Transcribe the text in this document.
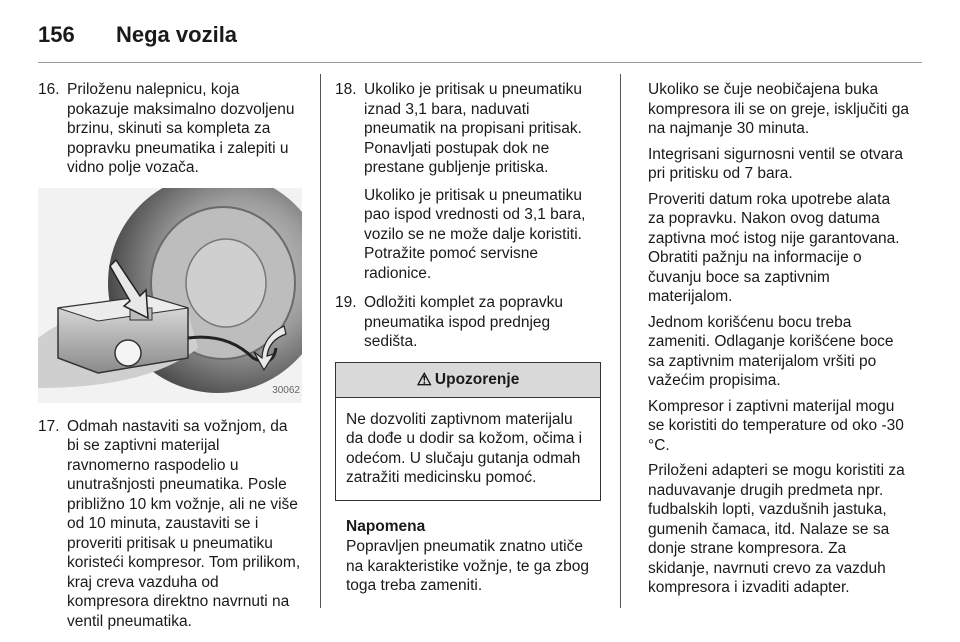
156	Nega vozila
16. Priloženu nalepnicu, koja pokazuje maksimalno dozvoljenu brzinu, skinuti sa kompleta za popravku pneumatika i zalepiti u vidno polje vozača.
30062
17. Odmah nastaviti sa vožnjom, da bi se zaptivni materijal ravnomerno raspodelio u unutrašnjosti pneumatika. Posle približno 10 km vožnje, ali ne više od 10 minuta, zaustaviti se i proveriti pritisak u pneumatiku koristeći kompresor. Tom prilikom, kraj creva vazduha od kompresora direktno navrnuti na ventil pneumatika.
18. Ukoliko je pritisak u pneumatiku iznad 3,1 bara, naduvati pneumatik na propisani pritisak. Ponavljati postupak dok ne prestane gubljenje pritiska.
Ukoliko je pritisak u pneumatiku pao ispod vrednosti od 3,1 bara, vozilo se ne može dalje koristiti. Potražite pomoć servisne radionice.
19. Odložiti komplet za popravku pneumatika ispod prednjeg sedišta.
⚠ Upozorenje
Ne dozvoliti zaptivnom materijalu da dođe u dodir sa kožom, očima i odećom. U slučaju gutanja odmah zatražiti medicinsku pomoć.
Napomena
Popravljen pneumatik znatno utiče na karakteristike vožnje, te ga zbog toga treba zameniti.

Ukoliko se čuje neobičajena buka kompresora ili se on greje, isključiti ga na najmanje 30 minuta.

Integrisani sigurnosni ventil se otvara pri pritisku od 7 bara.

Proveriti datum roka upotrebe alata za popravku. Nakon ovog datuma zaptivna moć istog nije garantovana. Obratiti pažnju na informacije o čuvanju boce sa zaptivnim materijalom.

Jednom korišćenu bocu treba zameniti. Odlaganje korišćene boce sa zaptivnim materijalom vršiti po važećim propisima.

Kompresor i zaptivni materijal mogu se koristiti do temperature od oko -30 °C.

Priloženi adapteri se mogu koristiti za naduvavanje drugih predmeta npr. fudbalskih lopti, vazdušnih jastuka, gumenih čamaca, itd. Nalaze se sa donje strane kompresora. Za skidanje, navrnuti crevo za vazduh kompresora i izvaditi adapter.
